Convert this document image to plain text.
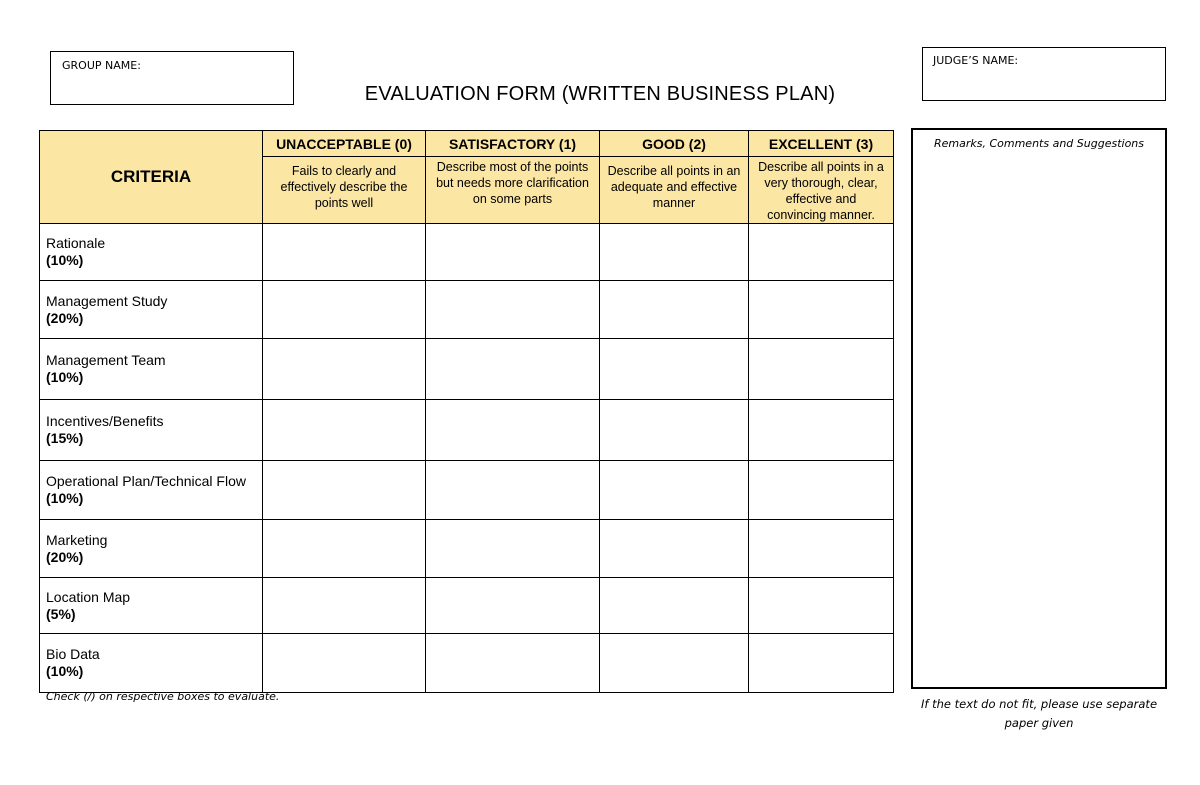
GROUP NAME:
EVALUATION FORM (WRITTEN BUSINESS PLAN)
JUDGE’S NAME:
CRITERIA	UNACCEPTABLE (0)	SATISFACTORY (1)	GOOD (2)	EXCELLENT (3)
	Fails to clearly and effectively describe the points well	Describe most of the points but needs more clarification on some parts	Describe all points in an adequate and effective manner	Describe all points in a very thorough, clear, effective and convincing manner.
Rationale
(10%)				
Management Study
(20%)				
Management Team
(10%)				
Incentives/Benefits
(15%)				
Operational Plan/Technical Flow
(10%)				
Marketing
(20%)				
Location Map
(5%)				
Bio Data
(10%)				
Check (/) on respective boxes to evaluate.
Remarks, Comments and Suggestions
If the text do not fit, please use separate paper given
